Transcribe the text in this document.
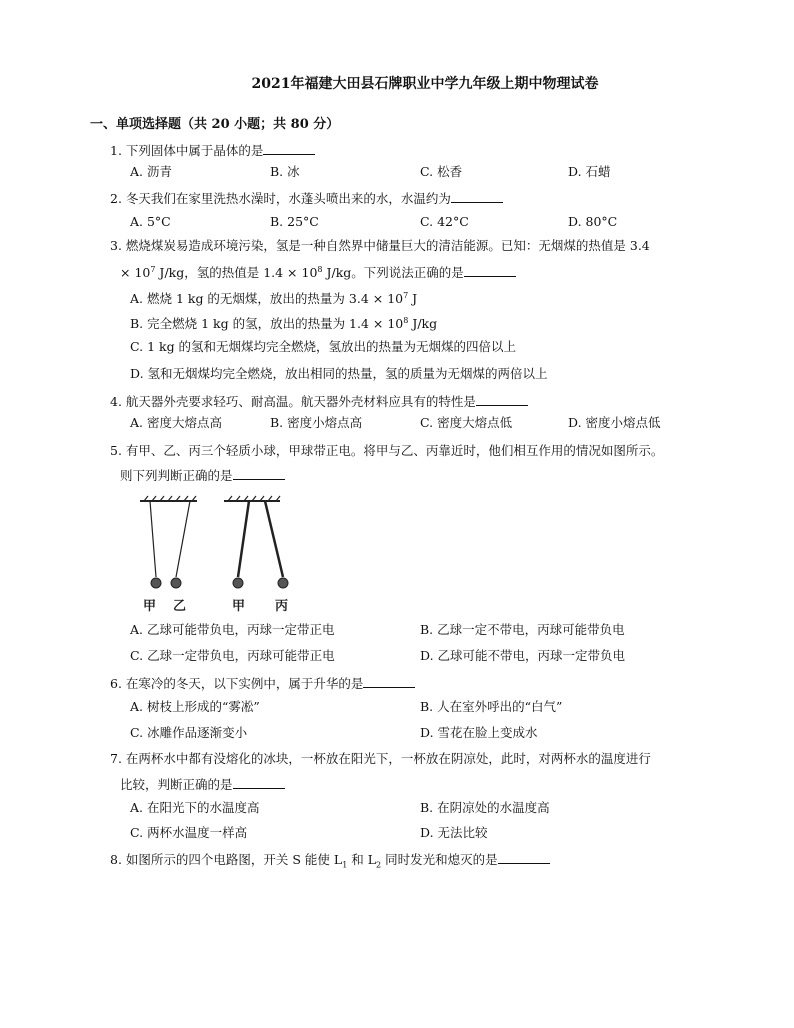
2021年福建大田县石牌职业中学九年级上期中物理试卷
一、单项选择题（共 20 小题；共 80 分）
1. 下列固体中属于晶体的是
A. 沥青	B. 冰	C. 松香	D. 石蜡
2. 冬天我们在家里洗热水澡时，水蓬头喷出来的水，水温约为
A. 5°C	B. 25°C	C. 42°C	D. 80°C
3. 燃烧煤炭易造成环境污染，氢是一种自然界中储量巨大的清洁能源。已知：无烟煤的热值是 3.4
× $10^7$ J/kg，氢的热值是 $1.4 \times 10^8$ J/kg。下列说法正确的是
A. 燃烧 1 kg 的无烟煤，放出的热量为 $3.4 \times 10^7$ J
B. 完全燃烧 1 kg 的氢，放出的热量为 $1.4 \times 10^8$ J/kg
C. 1 kg 的氢和无烟煤均完全燃烧，氢放出的热量为无烟煤的四倍以上
D. 氢和无烟煤均完全燃烧，放出相同的热量，氢的质量为无烟煤的两倍以上
4. 航天器外壳要求轻巧、耐高温。航天器外壳材料应具有的特性是
A. 密度大熔点高	B. 密度小熔点高	C. 密度大熔点低	D. 密度小熔点低
5. 有甲、乙、丙三个轻质小球，甲球带正电。将甲与乙、丙靠近时，他们相互作用的情况如图所示。
则下列判断正确的是
甲 乙	甲 丙
A. 乙球可能带负电，丙球一定带正电	B. 乙球一定不带电，丙球可能带负电
C. 乙球一定带负电，丙球可能带正电	D. 乙球可能不带电，丙球一定带负电
6. 在寒冷的冬天，以下实例中，属于升华的是
A. 树枝上形成的“雾凇”	B. 人在室外呼出的“白气”
C. 冰雕作品逐渐变小	D. 雪花在脸上变成水
7. 在两杯水中都有没熔化的冰块，一杯放在阳光下，一杯放在阴凉处，此时，对两杯水的温度进行
比较，判断正确的是
A. 在阳光下的水温度高	B. 在阴凉处的水温度高
C. 两杯水温度一样高	D. 无法比较
8. 如图所示的四个电路图，开关 S 能使 $L_1$ 和 $L_2$ 同时发光和熄灭的是
